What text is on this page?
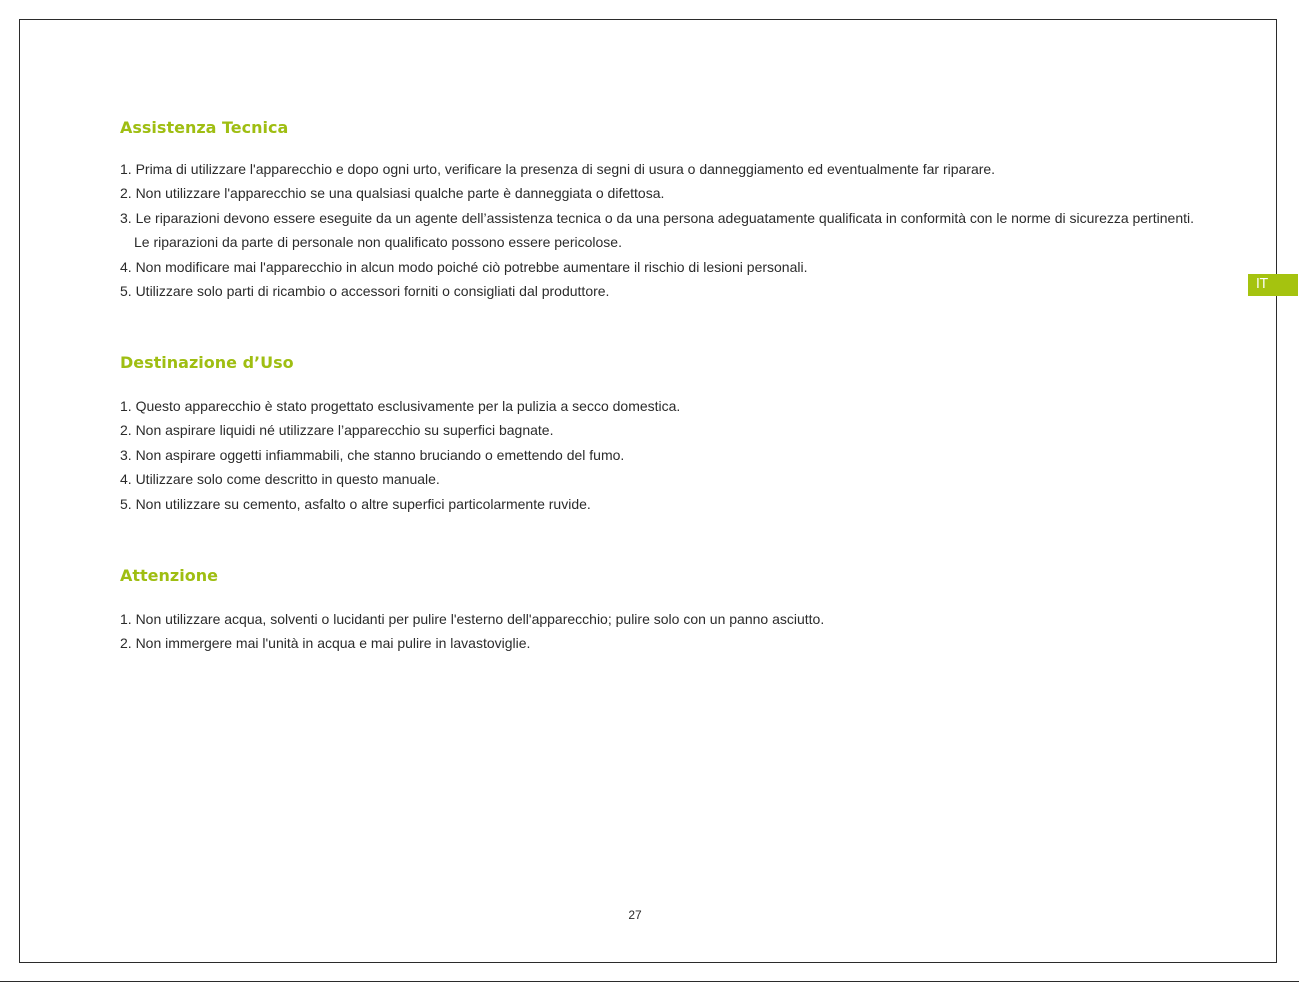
IT
Assistenza Tecnica
1. Prima di utilizzare l'apparecchio e dopo ogni urto, verificare la presenza di segni di usura o danneggiamento ed eventualmente far riparare.
2. Non utilizzare l'apparecchio se una qualsiasi qualche parte è danneggiata o difettosa.
3. Le riparazioni devono essere eseguite da un agente dell’assistenza tecnica o da una persona adeguatamente qualificata in conformità con le norme di sicurezza pertinenti. Le riparazioni da parte di personale non qualificato possono essere pericolose.
4. Non modificare mai l'apparecchio in alcun modo poiché ciò potrebbe aumentare il rischio di lesioni personali.
5. Utilizzare solo parti di ricambio o accessori forniti o consigliati dal produttore.
Destinazione d’Uso
1. Questo apparecchio è stato progettato esclusivamente per la pulizia a secco domestica.
2. Non aspirare liquidi né utilizzare l’apparecchio su superfici bagnate.
3. Non aspirare oggetti infiammabili, che stanno bruciando o emettendo del fumo.
4. Utilizzare solo come descritto in questo manuale.
5. Non utilizzare su cemento, asfalto o altre superfici particolarmente ruvide.
Attenzione
1. Non utilizzare acqua, solventi o lucidanti per pulire l'esterno dell'apparecchio; pulire solo con un panno asciutto.
2. Non immergere mai l'unità in acqua e mai pulire in lavastoviglie.
27
